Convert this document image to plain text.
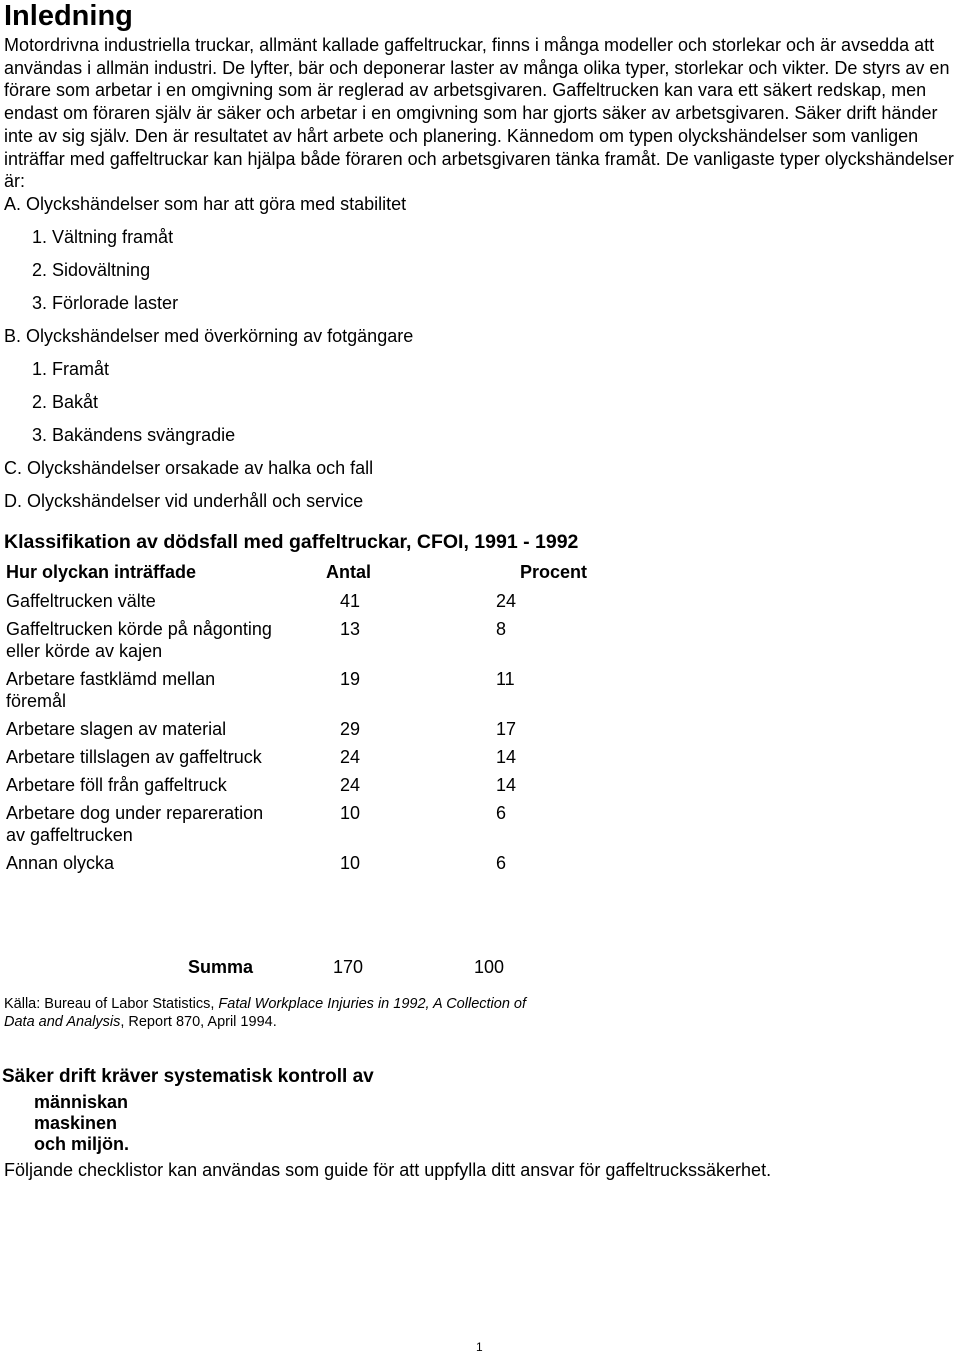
Inledning

Motordrivna industriella truckar, allmänt kallade gaffeltruckar, finns i många modeller och storlekar och är avsedda att användas i allmän industri. De lyfter, bär och deponerar laster av många olika typer, storlekar och vikter. De styrs av en förare som arbetar i en omgivning som är reglerad av arbetsgivaren. Gaffeltrucken kan vara ett säkert redskap, men endast om föraren själv är säker och arbetar i en omgivning som har gjorts säker av arbetsgivaren. Säker drift händer inte av sig själv. Den är resultatet av hårt arbete och planering. Kännedom om typen olyckshändelser som vanligen inträffar med gaffeltruckar kan hjälpa både föraren och arbetsgivaren tänka framåt. De vanligaste typer olyckshändelser är:

A. Olyckshändelser som har att göra med stabilitet
1. Vältning framåt
2. Sidovältning
3. Förlorade laster
B. Olyckshändelser med överkörning av fotgängare
1. Framåt
2. Bakåt
3. Bakändens svängradie
C. Olyckshändelser orsakade av halka och fall
D. Olyckshändelser vid underhåll och service
Klassifikation av dödsfall med gaffeltruckar, CFOI, 1991 - 1992
Hur olyckan inträffade	Antal	Procent
Gaffeltrucken välte	41	24
Gaffeltrucken körde på någonting eller körde av kajen	13	8
Arbetare fastklämd mellan föremål	19	11
Arbetare slagen av material	29	17
Arbetare tillslagen av gaffeltruck	24	14
Arbetare föll från gaffeltruck	24	14
Arbetare dog under repareration av gaffeltrucken	10	6
Annan olycka	10	6
Summa	170	100
Källa: Bureau of Labor Statistics, Fatal Workplace Injuries in 1992, A Collection of Data and Analysis, Report 870, April 1994.
Säker drift kräver systematisk kontroll av
människan
maskinen
och miljön.
Följande checklistor kan användas som guide för att uppfylla ditt ansvar för gaffeltruckssäkerhet.
1
